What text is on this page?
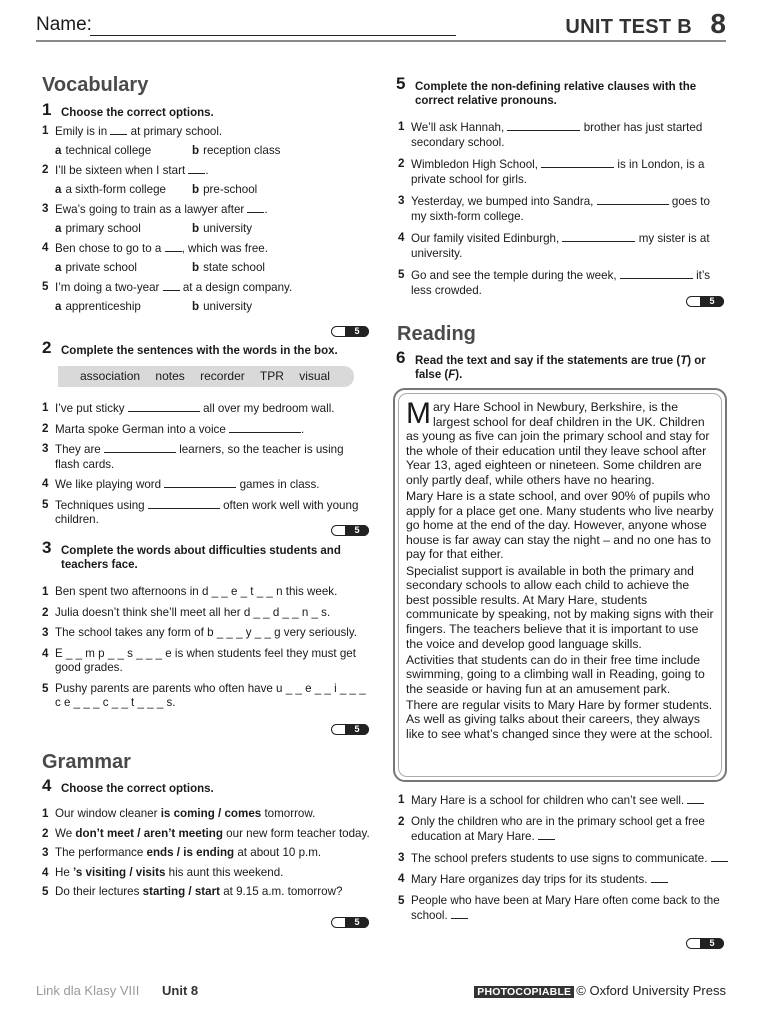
Name:	UNIT TEST B 8
Vocabulary
1 Choose the correct options.
1 Emily is in at primary school.
a technical college	b reception class
2 I’ll be sixteen when I start .
a a sixth-form college	b pre-school
3 Ewa’s going to train as a lawyer after .
a primary school	b university
4 Ben chose to go to a , which was free.
a private school	b state school
5 I’m doing a two-year at a design company.
a apprenticeship	b university
5
2 Complete the sentences with the words in the box.
association notes recorder TPR visual
1 I’ve put sticky	all over my bedroom wall.
2 Marta spoke German into a voice	.
3 They are	learners, so the teacher is using flash cards.
4 We like playing word	games in class.
5 Techniques using	often work well with young children.
5
3 Complete the words about difficulties students and teachers face.
1 Ben spent two afternoons in d _ _ e _ t _ _ n this week.
2 Julia doesn’t think she’ll meet all her d _ _ d _ _ n _ s.
3 The school takes any form of b _ _ _ y _ _ g very seriously.
4 E _ _ m p _ _ s _ _ _ e is when students feel they must get good grades.
5 Pushy parents are parents who often have u _ _ e _ _ i _ _ _ c e _ _ _ c _ _ t _ _ _ s.
5
Grammar
4 Choose the correct options.
1 Our window cleaner is coming / comes tomorrow.
2 We don’t meet / aren’t meeting our new form teacher today.
3 The performance ends / is ending at about 10 p.m.
4 He ’s visiting / visits his aunt this weekend.
5 Do their lectures starting / start at 9.15 a.m. tomorrow?
5
5 Complete the non-defining relative clauses with the correct relative pronouns.
1 We’ll ask Hannah,	brother has just started secondary school.
2 Wimbledon High School,	is in London, is a private school for girls.
3 Yesterday, we bumped into Sandra,	goes to my sixth-form college.
4 Our family visited Edinburgh,	my sister is at university.
5 Go and see the temple during the week,	it’s less crowded.
5
Reading
6 Read the text and say if the statements are true (T) or false (F).

Mary Hare School in Newbury, Berkshire, is the largest school for deaf children in the UK. Children as young as five can join the primary school and stay for the whole of their education until they leave school after Year 13, aged eighteen or nineteen. Some children are only partly deaf, while others have no hearing.

Mary Hare is a state school, and over 90% of pupils who apply for a place get one. Many students who live nearby go home at the end of the day. However, anyone whose house is far away can stay the night – and no one has to pay for that either.

Specialist support is available in both the primary and secondary schools to allow each child to achieve the best possible results. At Mary Hare, students communicate by speaking, not by making signs with their fingers. The teachers believe that it is important to use the voice and develop good language skills.

Activities that students can do in their free time include swimming, going to a climbing wall in Reading, going to the seaside or having fun at an amusement park.

There are regular visits to Mary Hare by former students. As well as giving talks about their careers, they always like to see what’s changed since they were at the school.

1 Mary Hare is a school for children who can’t see well.
2 Only the children who are in the primary school get a free education at Mary Hare.
3 The school prefers students to use signs to communicate.
4 Mary Hare organizes day trips for its students.
5 People who have been at Mary Hare often come back to the school.
5
Link dla Klasy VIII Unit 8	PHOTOCOPIABLE © Oxford University Press
